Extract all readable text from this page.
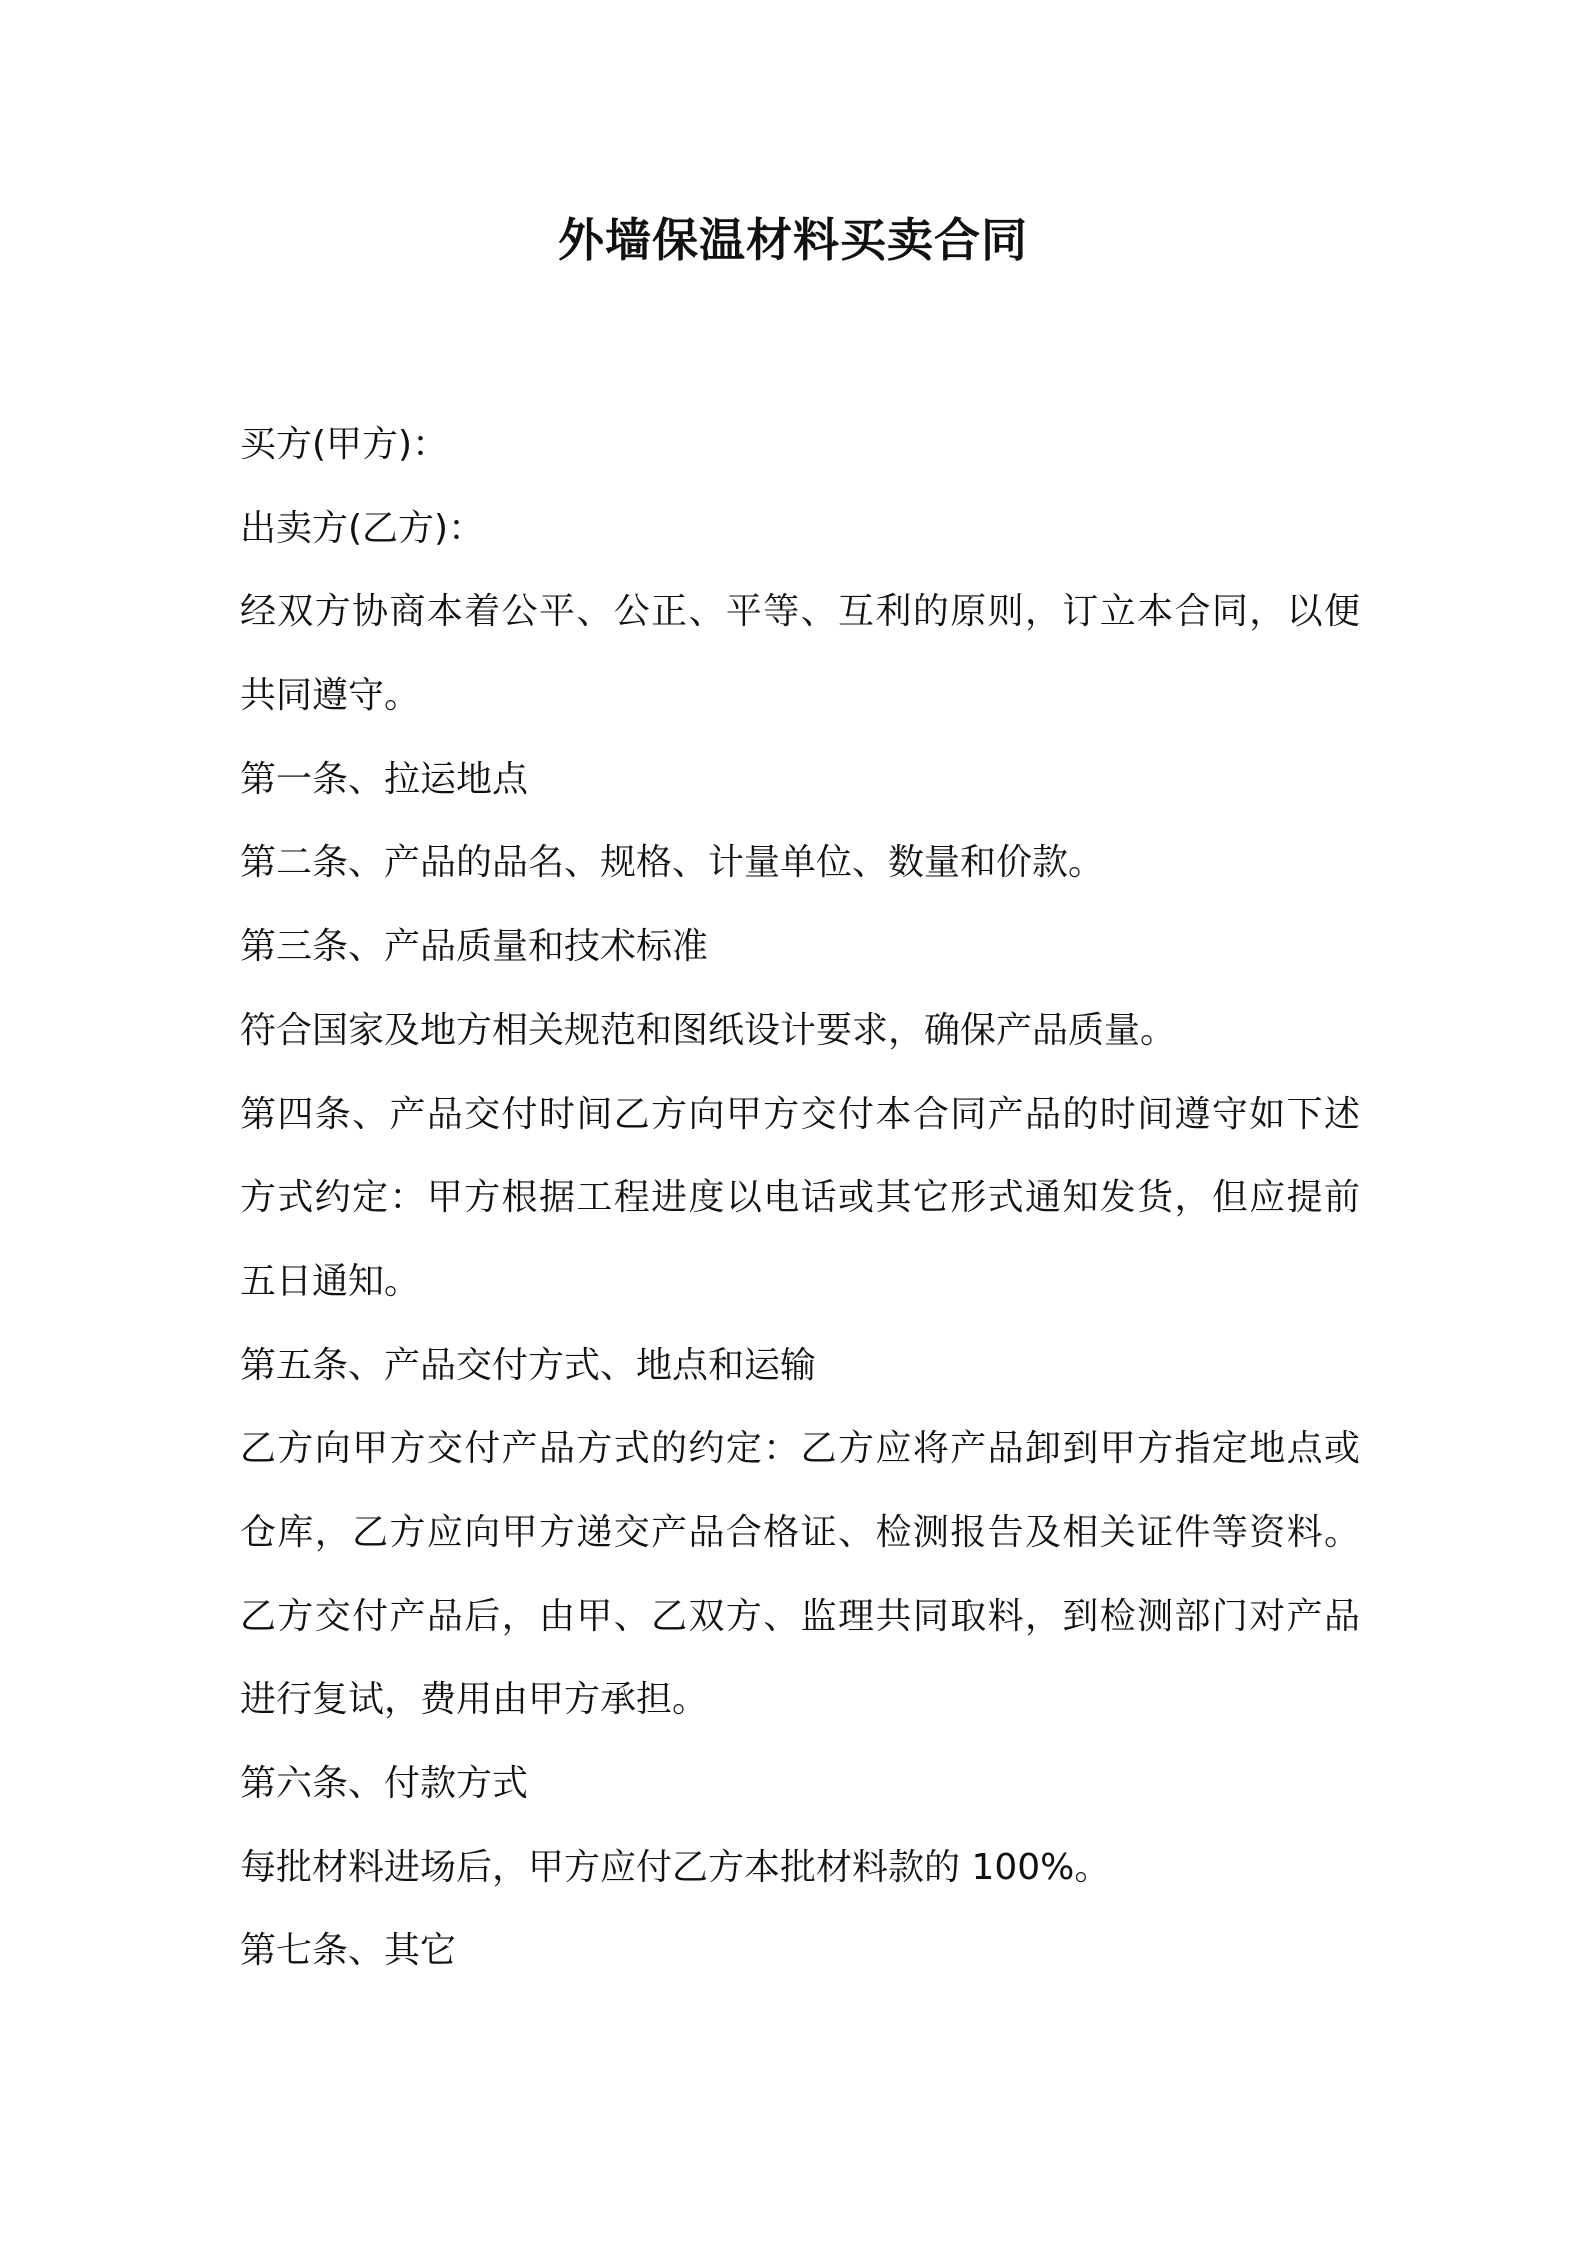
外墙保温材料买卖合同
买方(甲方)：
出卖方(乙方)：
经双方协商本着公平、公正、平等、互利的原则，订立本合同，以便
共同遵守。
第一条、拉运地点
第二条、产品的品名、规格、计量单位、数量和价款。
第三条、产品质量和技术标准
符合国家及地方相关规范和图纸设计要求，确保产品质量。
第四条、产品交付时间乙方向甲方交付本合同产品的时间遵守如下述
方式约定：甲方根据工程进度以电话或其它形式通知发货，但应提前
五日通知。
第五条、产品交付方式、地点和运输
乙方向甲方交付产品方式的约定：乙方应将产品卸到甲方指定地点或
仓库，乙方应向甲方递交产品合格证、检测报告及相关证件等资料。
乙方交付产品后，由甲、乙双方、监理共同取料，到检测部门对产品
进行复试，费用由甲方承担。
第六条、付款方式
每批材料进场后，甲方应付乙方本批材料款的 100%。
第七条、其它
